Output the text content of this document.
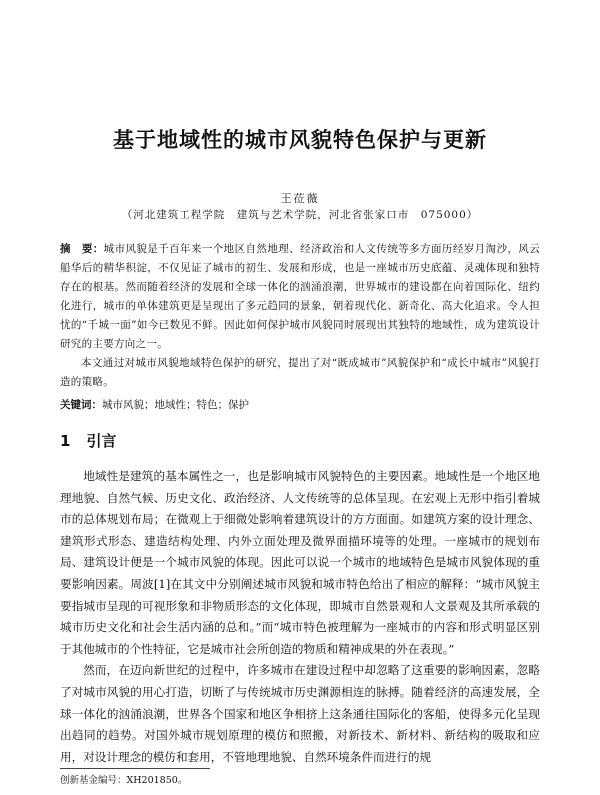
基于地域性的城市风貌特色保护与更新
王莅薇
（河北建筑工程学院　建筑与艺术学院，河北省张家口市　075000）

摘　要：城市风貌是千百年来一个地区自然地理、经济政治和人文传统等多方面历经岁月淘沙，风云船华后的精华积淀，不仅见证了城市的初生、发展和形成，也是一座城市历史底蕴、灵魂体现和独特存在的根基。然而随着经济的发展和全球一体化的汹涌浪潮，世界城市的建设都在向着国际化、纽约化进行，城市的单体建筑更是呈现出了多元趋同的景象，朝着现代化、新奇化、高大化追求。令人担忧的“千城一面”如今已数见不鲜。因此如何保护城市风貌同时展现出其独特的地域性，成为建筑设计研究的主要方向之一。

本文通过对城市风貌地域特色保护的研究，提出了对“既成城市”风貌保护和“成长中城市”风貌打造的策略。

关键词：城市风貌；地域性；特色；保护
1 引言

地域性是建筑的基本属性之一，也是影响城市风貌特色的主要因素。地域性是一个地区地理地貌、自然气候、历史文化、政治经济、人文传统等的总体呈现。在宏观上无形中指引着城市的总体规划布局；在微观上于细微处影响着建筑设计的方方面面。如建筑方案的设计理念、建筑形式形态、建造结构处理、内外立面处理及微界面描环境等的处理。一座城市的规划布局、建筑设计便是一个城市风貌的体现。因此可以说一个城市的地域特色是城市风貌体现的重要影响因素。周波[1]在其文中分别阐述城市风貌和城市特色给出了相应的解释：“城市风貌主要指城市呈现的可视形象和非物质形态的文化体现，即城市自然景观和人文景观及其所承载的城市历史文化和社会生活内涵的总和。”而“城市特色被理解为一座城市的内容和形式明显区别于其他城市的个性特征，它是城市社会所创造的物质和精神成果的外在表现。”

然而，在迈向新世纪的过程中，许多城市在建设过程中却忽略了这重要的影响因素，忽略了对城市风貌的用心打造，切断了与传统城市历史渊源相连的脉搏。随着经济的高速发展，全球一体化的汹涌浪潮，世界各个国家和地区争相挤上这条通往国际化的客船，使得多元化呈现出趋同的趋势。对国外城市规划原理的模仿和照搬，对新技术、新材料、新结构的吸取和应用，对设计理念的模仿和套用，不管地理地貌、自然环境条件而进行的规

创新基金编号：XH201850。
